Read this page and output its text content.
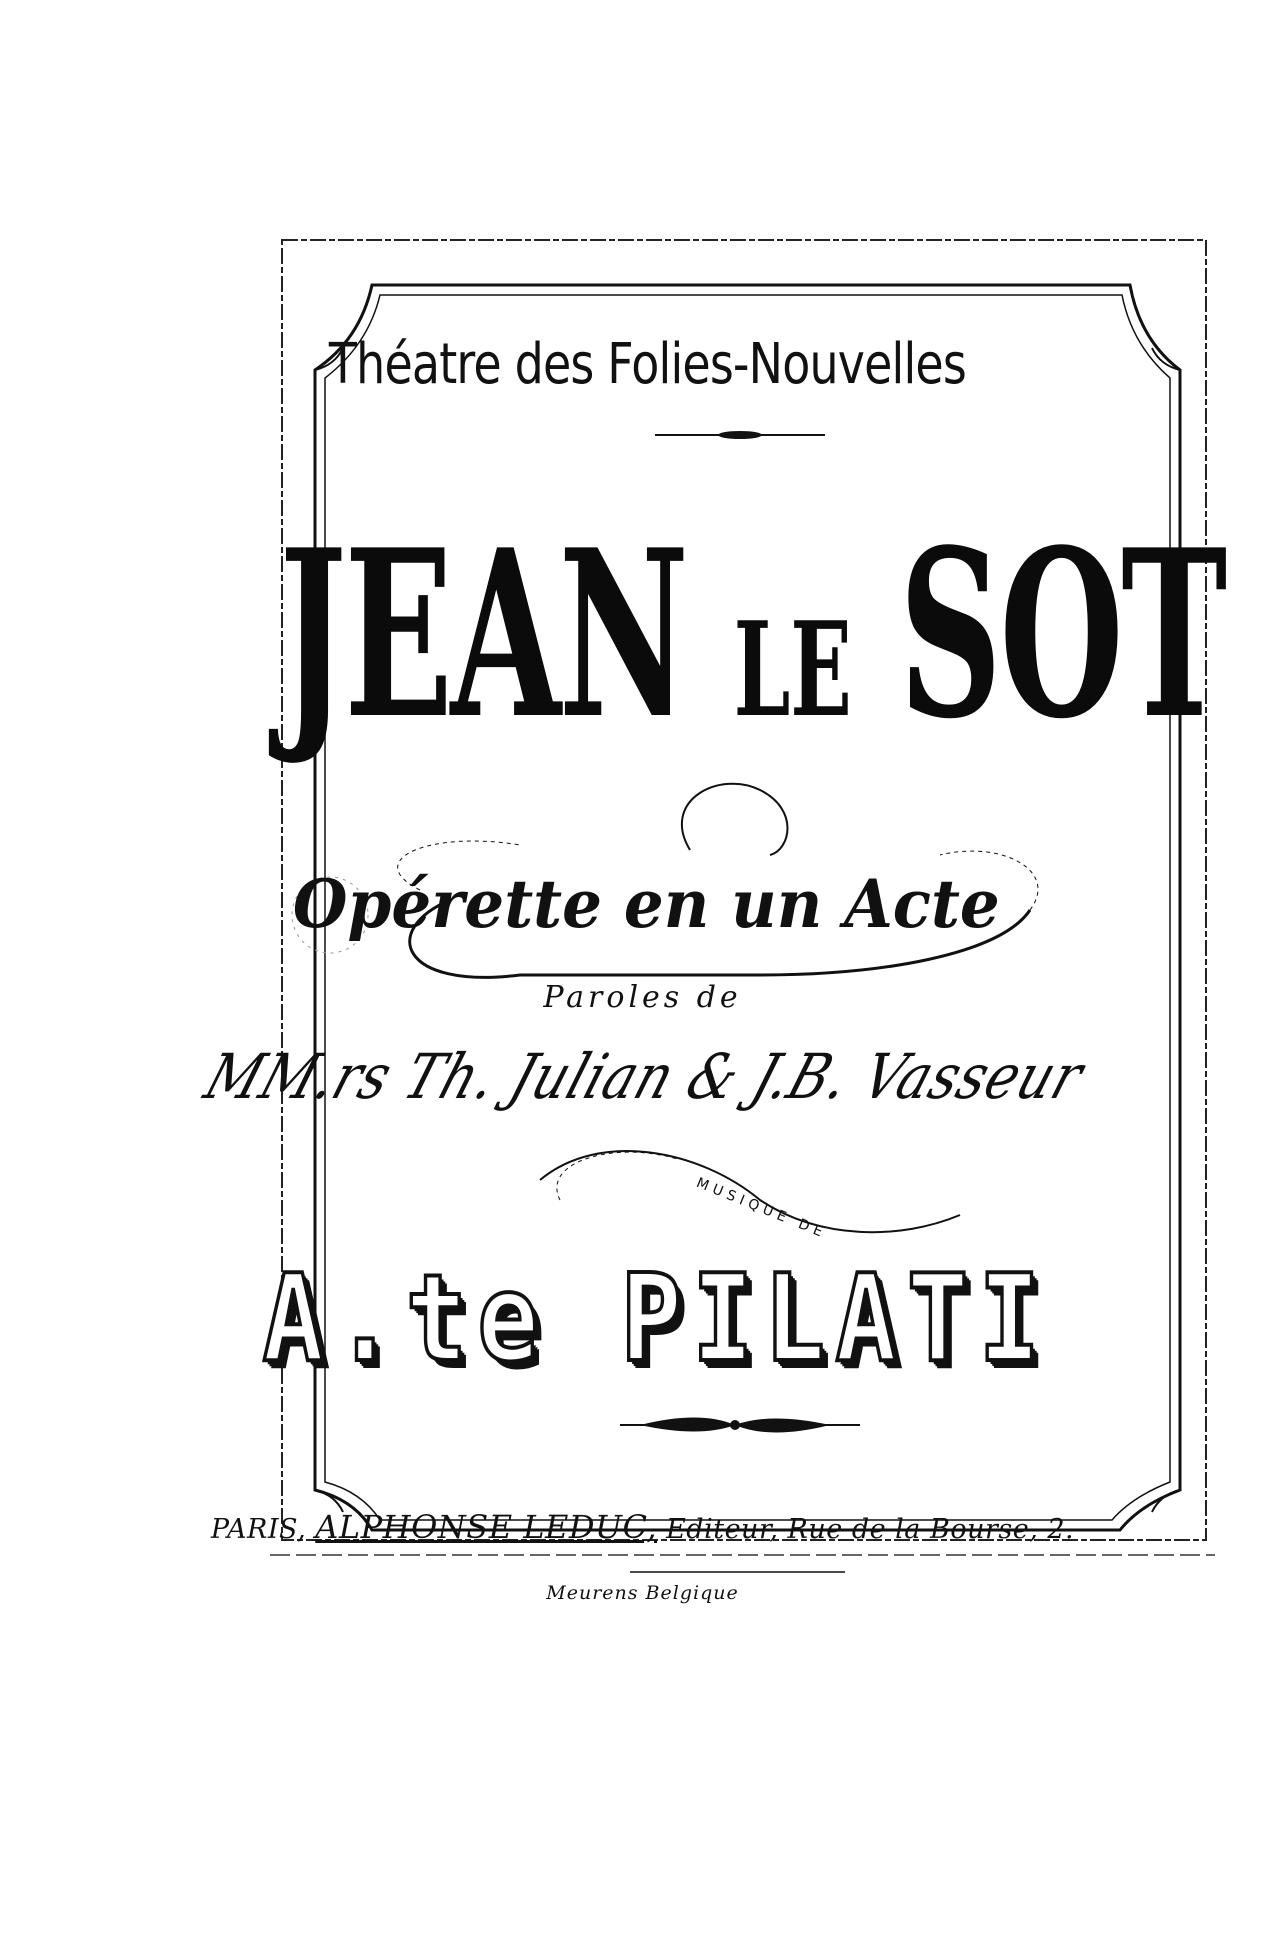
Théatre des Folies-Nouvelles
JEAN LE SOT
Opérette en un Acte
Paroles de
MM.rs Th. Julian & J.B. Vasseur
MUSIQUE DE
A.te PILATI
PARIS, ALPHONSE LEDUC, Editeur, Rue de la Bourse, 2.
Meurens Belgique
